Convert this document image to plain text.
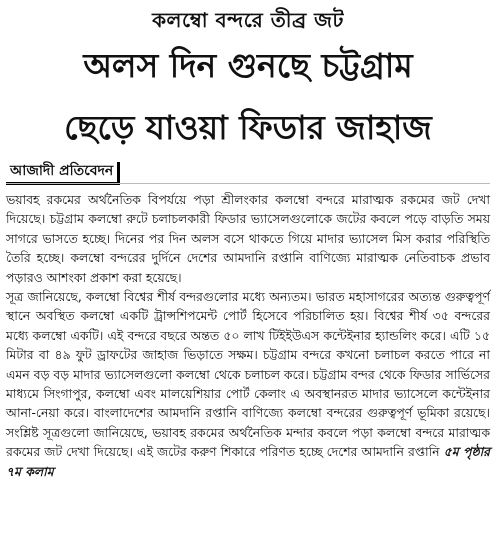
কলম্বো বন্দরে তীব্র জট
অলস দিন গুনছে চট্টগ্রাম
ছেড়ে যাওয়া ফিডার জাহাজ
আজাদী প্রতিবেদন

ভয়াবহ রকমের অর্থনৈতিক বিপর্যয়ে পড়া শ্রীলংকার কলম্বো বন্দরে মারাত্মক রকমের জট দেখা দিয়েছে। চট্টগ্রাম কলম্বো রুটে চলাচলকারী ফিডার ভ্যাসেলগুলোকে জটের কবলে পড়ে বাড়তি সময় সাগরে ভাসতে হচ্ছে। দিনের পর দিন অলস বসে থাকতে গিয়ে মাদার ভ্যাসেল মিস করার পরিস্থিতি তৈরি হচ্ছে। কলম্বো বন্দরের দুর্দিনে দেশের আমদানি রপ্তানি বাণিজ্যে মারাত্মক নেতিবাচক প্রভাব পড়ারও আশংকা প্রকাশ করা হয়েছে।

সূত্র জানিয়েছে, কলম্বো বিশ্বের শীর্ষ বন্দরগুলোর মধ্যে অন্যতম। ভারত মহাসাগরের অত্যন্ত গুরুত্বপূর্ণ স্থানে অবস্থিত কলম্বো একটি ট্রান্সশিপমেন্ট পোর্ট হিসেবে পরিচালিত হয়। বিশ্বের শীর্ষ ৩৫ বন্দরের মধ্যে কলম্বো একটি। এই বন্দরে বছরে অন্তত ৫০ লাখ টিইইউএস কন্টেইনার হ্যান্ডলিং করে। এটি ১৫ মিটার বা ৪৯ ফুট ড্রাফটের জাহাজ ভিড়াতে সক্ষম। চট্টগ্রাম বন্দরে কখনো চলাচল করতে পারে না এমন বড় বড় মাদার ভ্যাসেলগুলো কলম্বো থেকে চলাচল করে। চট্টগ্রাম বন্দর থেকে ফিডার সার্ভিসের মাধ্যমে সিংগাপুর, কলম্বো এবং মালয়েশিয়ার পোর্ট কেলাং এ অবস্থানরত মাদার ভ্যাসেলে কন্টেইনার আনা-নেয়া করে। বাংলাদেশের আমদানি রপ্তানি বাণিজ্যে কলম্বো বন্দরের গুরুত্বপূর্ণ ভূমিকা রয়েছে। সংশ্লিষ্ট সূত্রগুলো জানিয়েছে, ভয়াবহ রকমের অর্থনৈতিক মন্দার কবলে পড়া কলম্বো বন্দরে মারাত্মক রকমের জট দেখা দিয়েছে। এই জটের করুণ শিকারে পরিণত হচ্ছে দেশের আমদানি রপ্তানি ৫ম পৃষ্ঠার ৭ম কলাম
